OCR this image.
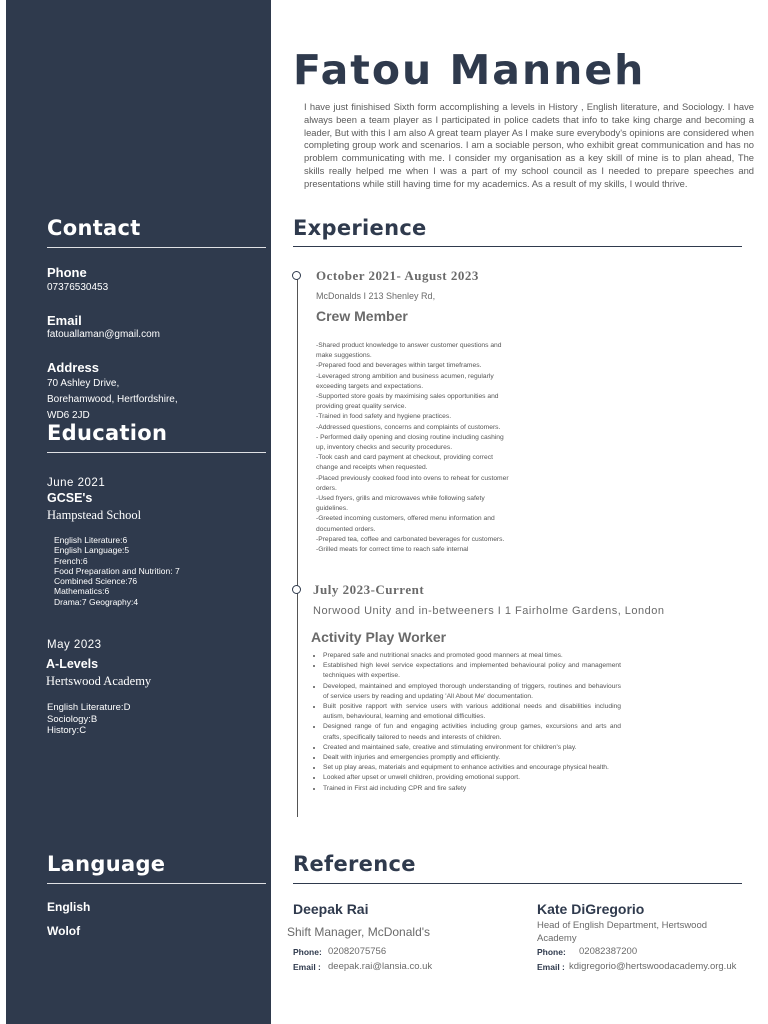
Contact
Phone
07376530453
Email
fatouallaman@gmail.com
Address
70 Ashley Drive,
Borehamwood, Hertfordshire,
WD6 2JD
Education
June 2021
GCSE's
Hampstead School
English Literature:6
English Language:5
French:6
Food Preparation and Nutrition: 7
Combined Science:76
Mathematics:6
Drama:7 Geography:4
May 2023
A-Levels
Hertswood Academy
English Literature:D
Sociology:B
History:C
Language
English
Wolof
Fatou Manneh
I have just finishised Sixth form accomplishing a levels in History , English literature, and Sociology. I have always been a team player as I participated in police cadets that info to take king charge and becoming a leader, But with this I am also A great team player As I make sure everybody's opinions are considered when completing group work and scenarios. I am a sociable person, who exhibit great communication and has no problem communicating with me. I consider my organisation as a key skill of mine is to plan ahead, The skills really helped me when I was a part of my school council as I needed to prepare speeches and presentations while still having time for my academics. As a result of my skills, I would thrive.
Experience
October 2021- August 2023
McDonalds I 213 Shenley Rd,
Crew Member
-Shared product knowledge to answer customer questions and
make suggestions.
-Prepared food and beverages within target timeframes.
-Leveraged strong ambition and business acumen, regularly
exceeding targets and expectations.
-Supported store goals by maximising sales opportunities and
providing great quality service.
-Trained in food safety and hygiene practices.
-Addressed questions, concerns and complaints of customers.
- Performed daily opening and closing routine including cashing
up, inventory checks and security procedures.
-Took cash and card payment at checkout, providing correct
change and receipts when requested.
-Placed previously cooked food into ovens to reheat for customer
orders.
-Used fryers, grills and microwaves while following safety
guidelines.
-Greeted incoming customers, offered menu information and
documented orders.
-Prepared tea, coffee and carbonated beverages for customers.
-Grilled meats for correct time to reach safe internal
July 2023-Current
Norwood Unity and in-betweeners I 1 Fairholme Gardens, London
Activity Play Worker
• Prepared safe and nutritional snacks and promoted good manners at meal times.
• Established high level service expectations and implemented behavioural policy and management techniques with expertise.
• Developed, maintained and employed thorough understanding of triggers, routines and behaviours of service users by reading and updating 'All About Me' documentation.
• Built positive rapport with service users with various additional needs and disabilities including autism, behavioural, learning and emotional difficulties.
• Designed range of fun and engaging activities including group games, excursions and arts and crafts, specifically tailored to needs and interests of children.
• Created and maintained safe, creative and stimulating environment for children's play.
• Dealt with injuries and emergencies promptly and efficiently.
• Set up play areas, materials and equipment to enhance activities and encourage physical health.
• Looked after upset or unwell children, providing emotional support.
• Trained in First aid including CPR and fire safety
Reference
Deepak Rai
Shift Manager, McDonald's
Phone: 02082075756
Email : deepak.rai@lansia.co.uk
Kate DiGregorio
Head of English Department, Hertswood Academy
Phone: 02082387200
Email : kdigregorio@hertswoodacademy.org.uk
